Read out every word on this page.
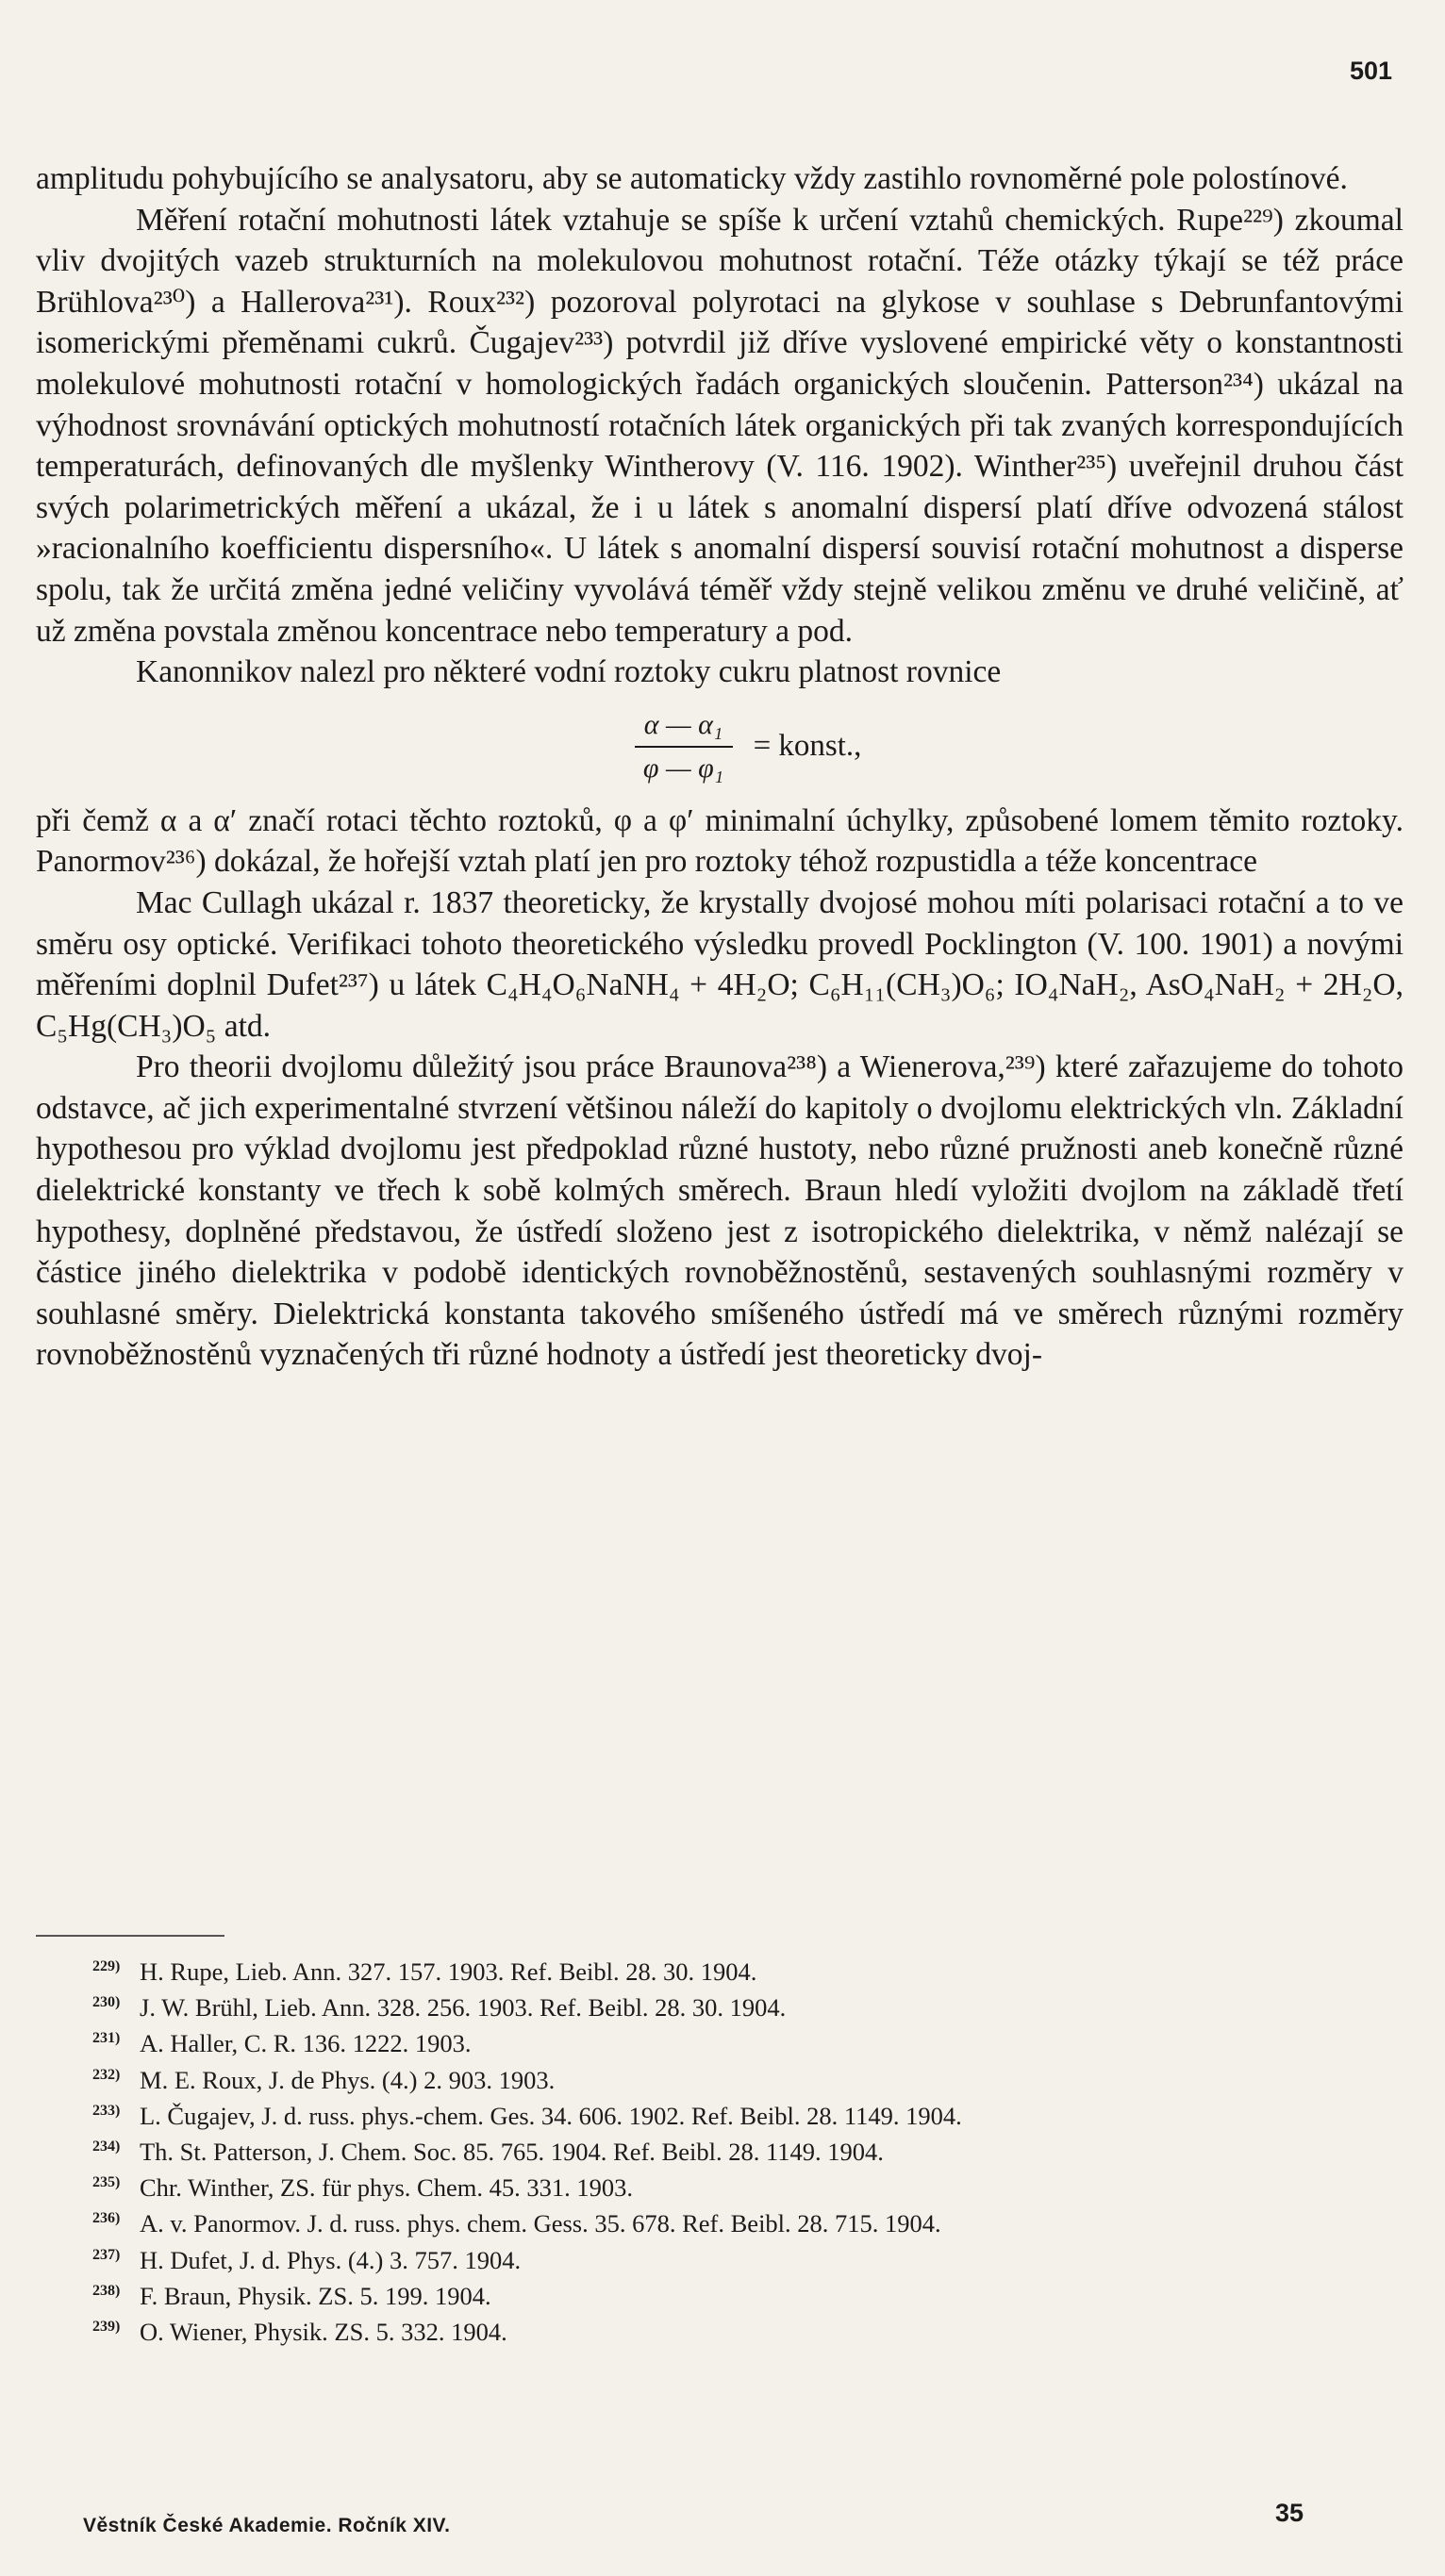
501

amplitudu pohybujícího se analysatoru, aby se automaticky vždy zastihlo rovnoměrné pole polostínové.

Měření rotační mohutnosti látek vztahuje se spíše k určení vztahů chemických. Rupe²²⁹) zkoumal vliv dvojitých vazeb strukturních na molekulovou mohutnost rotační. Téže otázky týkají se též práce Brühlova²³⁰) a Hallerova²³¹). Roux²³²) pozoroval polyrotaci na glykose v souhlase s Debrunfantovými isomerickými přeměnami cukrů. Čugajev²³³) potvrdil již dříve vyslovené empirické věty o konstantnosti molekulové mohutnosti rotační v homologických řadách organických sloučenin. Patterson²³⁴) ukázal na výhodnost srovnávání optických mohutností rotačních látek organických při tak zvaných korrespondujících temperaturách, definovaných dle myšlenky Wintherovy (V. 116. 1902). Winther²³⁵) uveřejnil druhou část svých polarimetrických měření a ukázal, že i u látek s anomalní dispersí platí dříve odvozená stálost »racionalního koefficientu dispersního«. U látek s anomalní dispersí souvisí rotační mohutnost a disperse spolu, tak že určitá změna jedné veličiny vyvolává téměř vždy stejně velikou změnu ve druhé veličině, ať už změna povstala změnou koncentrace nebo temperatury a pod.

Kanonnikov nalezl pro některé vodní roztoky cukru platnost rovnice

$\frac{\text{α — α₁}}{\text{φ — φ₁}}$ = konst.,

při čemž α a α′ značí rotaci těchto roztoků, φ a φ′ minimalní úchylky, způsobené lomem těmito roztoky. Panormov²³⁶) dokázal, že hořejší vztah platí jen pro roztoky téhož rozpustidla a téže koncentrace

Mac Cullagh ukázal r. 1837 theoreticky, že krystally dvojosé mohou míti polarisaci rotační a to ve směru osy optické. Verifikaci tohoto theoretického výsledku provedl Pocklington (V. 100. 1901) a novými měřeními doplnil Dufet²³⁷) u látek C₄H₄O₆NaNH₄ + 4H₂O; C₆H₁₁(CH₃)O₆; IO₄NaH₂, AsO₄NaH₂ + 2H₂O, C₅Hg(CH₃)O₅ atd.

Pro theorii dvojlomu důležitý jsou práce Braunova²³⁸) a Wienerova,²³⁹) které zařazujeme do tohoto odstavce, ač jich experimentalné stvrzení většinou náleží do kapitoly o dvojlomu elektrických vln. Základní hypothesou pro výklad dvojlomu jest předpoklad různé hustoty, nebo různé pružnosti aneb konečně různé dielektrické konstanty ve třech k sobě kolmých směrech. Braun hledí vyložiti dvojlom na základě třetí hypothesy, doplněné představou, že ústředí složeno jest z isotropického dielektrika, v němž nalézají se částice jiného dielektrika v podobě identických rovnoběžnostěnů, sestavených souhlasnými rozměry v souhlasné směry. Dielektrická konstanta takového smíšeného ústředí má ve směrech různými rozměry rovnoběžnostěnů vyznačených tři různé hodnoty a ústředí jest theoreticky dvoj-

229) H. Rupe, Lieb. Ann. 327. 157. 1903. Ref. Beibl. 28. 30. 1904.

230) J. W. Brühl, Lieb. Ann. 328. 256. 1903. Ref. Beibl. 28. 30. 1904.

231) A. Haller, C. R. 136. 1222. 1903.

232) M. E. Roux, J. de Phys. (4.) 2. 903. 1903.

233) L. Čugajev, J. d. russ. phys.-chem. Ges. 34. 606. 1902. Ref. Beibl. 28. 1149. 1904.

234) Th. St. Patterson, J. Chem. Soc. 85. 765. 1904. Ref. Beibl. 28. 1149. 1904.

235) Chr. Winther, ZS. für phys. Chem. 45. 331. 1903.

236) A. v. Panormov. J. d. russ. phys. chem. Gess. 35. 678. Ref. Beibl. 28. 715. 1904.

237) H. Dufet, J. d. Phys. (4.) 3. 757. 1904.

238) F. Braun, Physik. ZS. 5. 199. 1904.

239) O. Wiener, Physik. ZS. 5. 332. 1904.

Věstník České Akademie. Ročník XIV.	35
